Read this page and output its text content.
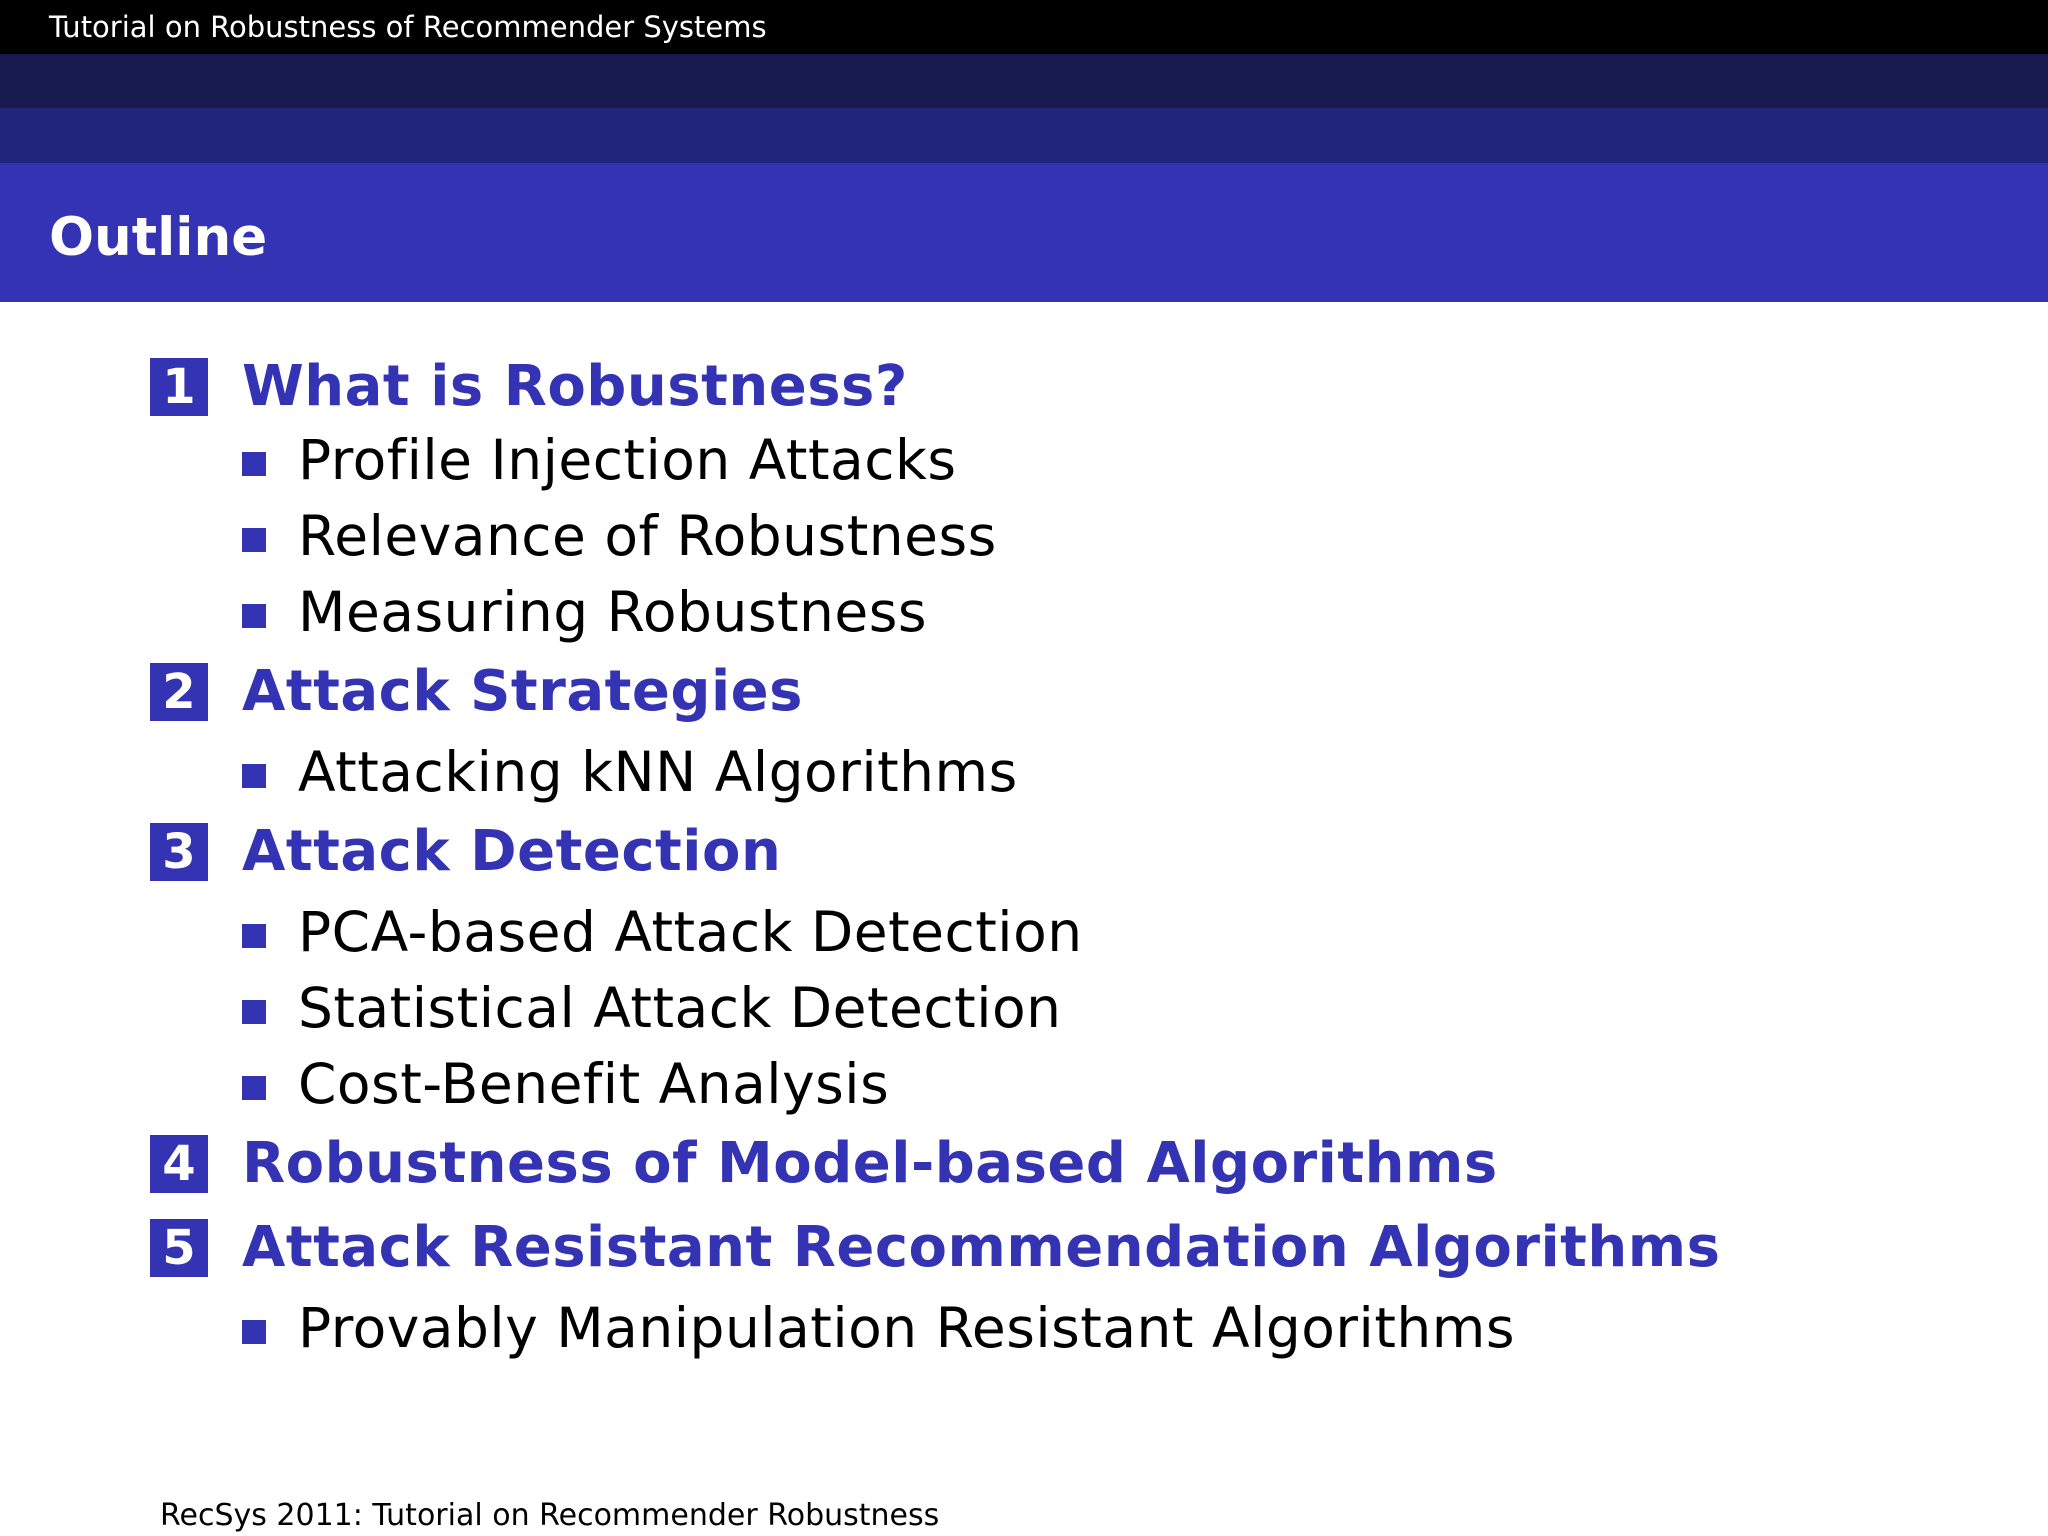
Tutorial on Robustness of Recommender Systems
Outline
1 What is Robustness?
Profile Injection Attacks
Relevance of Robustness
Measuring Robustness
2 Attack Strategies
Attacking kNN Algorithms
3 Attack Detection
PCA-based Attack Detection
Statistical Attack Detection
Cost-Benefit Analysis
4 Robustness of Model-based Algorithms
5 Attack Resistant Recommendation Algorithms
Provably Manipulation Resistant Algorithms
RecSys 2011: Tutorial on Recommender Robustness
